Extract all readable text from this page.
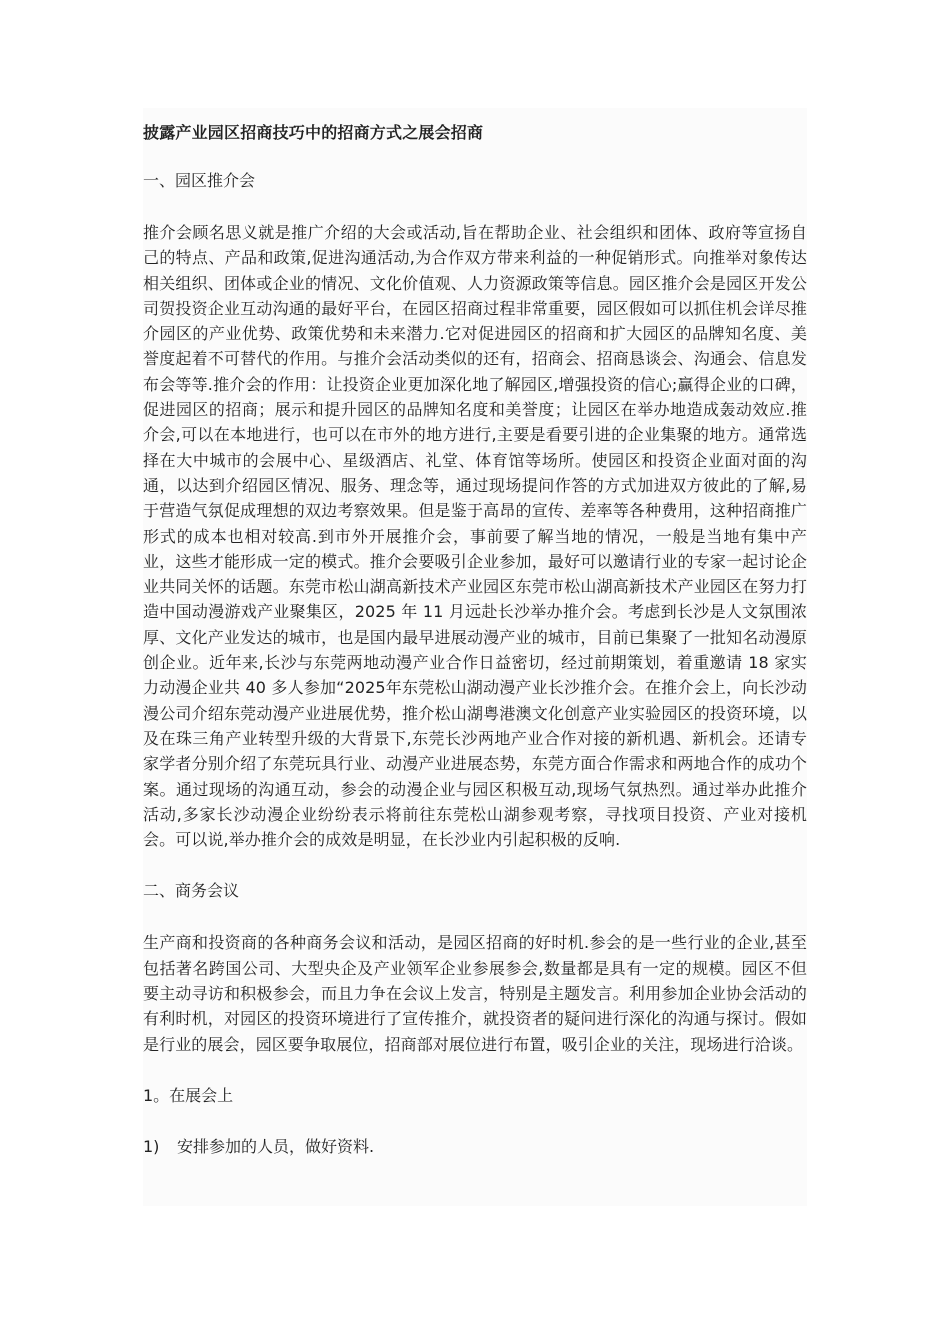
披露产业园区招商技巧中的招商方式之展会招商
一、园区推介会
推介会顾名思义就是推广介绍的大会或活动,旨在帮助企业、社会组织和团体、政府等宣扬自己的特点、产品和政策,促进沟通活动,为合作双方带来利益的一种促销形式。向推举对象传达相关组织、团体或企业的情况、文化价值观、人力资源政策等信息。园区推介会是园区开发公司贺投资企业互动沟通的最好平台，在园区招商过程非常重要，园区假如可以抓住机会详尽推介园区的产业优势、政策优势和未来潜力.它对促进园区的招商和扩大园区的品牌知名度、美誉度起着不可替代的作用。与推介会活动类似的还有，招商会、招商恳谈会、沟通会、信息发布会等等.推介会的作用：让投资企业更加深化地了解园区,增强投资的信心;赢得企业的口碑，促进园区的招商；展示和提升园区的品牌知名度和美誉度；让园区在举办地造成轰动效应.推介会,可以在本地进行，也可以在市外的地方进行,主要是看要引进的企业集聚的地方。通常选择在大中城市的会展中心、星级酒店、礼堂、体育馆等场所。使园区和投资企业面对面的沟通，以达到介绍园区情况、服务、理念等，通过现场提问作答的方式加进双方彼此的了解,易于营造气氛促成理想的双边考察效果。但是鉴于高昂的宣传、差率等各种费用，这种招商推广形式的成本也相对较高.到市外开展推介会，事前要了解当地的情况，一般是当地有集中产业，这些才能形成一定的模式。推介会要吸引企业参加，最好可以邀请行业的专家一起讨论企业共同关怀的话题。东莞市松山湖高新技术产业园区东莞市松山湖高新技术产业园区在努力打造中国动漫游戏产业聚集区，2025 年 11 月远赴长沙举办推介会。考虑到长沙是人文氛围浓厚、文化产业发达的城市，也是国内最早进展动漫产业的城市，目前已集聚了一批知名动漫原创企业。近年来,长沙与东莞两地动漫产业合作日益密切，经过前期策划，着重邀请 18 家实力动漫企业共 40 多人参加“2025年东莞松山湖动漫产业长沙推介会。在推介会上，向长沙动漫公司介绍东莞动漫产业进展优势，推介松山湖粤港澳文化创意产业实验园区的投资环境，以及在珠三角产业转型升级的大背景下,东莞长沙两地产业合作对接的新机遇、新机会。还请专家学者分别介绍了东莞玩具行业、动漫产业进展态势，东莞方面合作需求和两地合作的成功个案。通过现场的沟通互动，参会的动漫企业与园区积极互动,现场气氛热烈。通过举办此推介活动,多家长沙动漫企业纷纷表示将前往东莞松山湖参观考察，寻找项目投资、产业对接机会。可以说,举办推介会的成效是明显，在长沙业内引起积极的反响.
二、商务会议
生产商和投资商的各种商务会议和活动，是园区招商的好时机.参会的是一些行业的企业,甚至包括著名跨国公司、大型央企及产业领军企业参展参会,数量都是具有一定的规模。园区不但要主动寻访和积极参会，而且力争在会议上发言，特别是主题发言。利用参加企业协会活动的有利时机，对园区的投资环境进行了宣传推介，就投资者的疑问进行深化的沟通与探讨。假如是行业的展会，园区要争取展位，招商部对展位进行布置，吸引企业的关注，现场进行洽谈。
1。在展会上
1) 安排参加的人员，做好资料.
